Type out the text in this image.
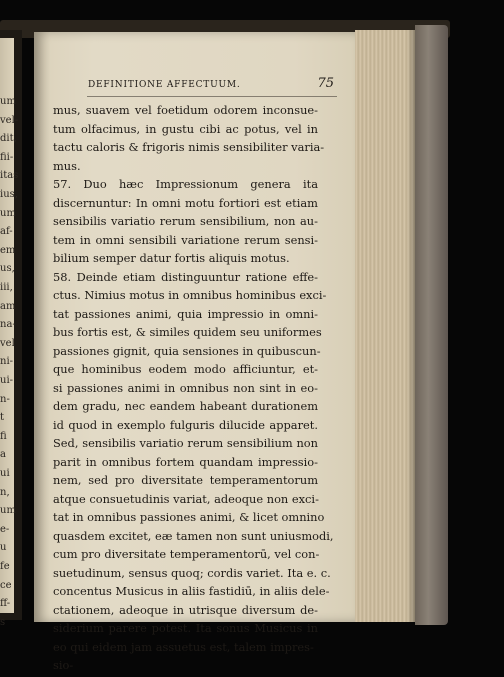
um
vel-
dit,
fii-
itas
ius,
um
af-
em
us,
iii,
am
na-
vel
ni-
ui-
n-
t
fi
a
ui
n,
um
e-
u
fe
ce
ff-
s
DEFINITIONE AFFECTUUM.	75
mus, suavem vel foetidum odorem inconsue-
tum olfacimus, in gustu cibi ac potus, vel in
tactu caloris & frigoris nimis sensibiliter varia-
mus.
57. Duo hæc Impressionum genera ita
discernuntur: In omni motu fortiori est etiam
sensibilis variatio rerum sensibilium, non au-
tem in omni sensibili variatione rerum sensi-
bilium semper datur fortis aliquis motus.
58. Deinde etiam distinguuntur ratione effe-
ctus. Nimius motus in omnibus hominibus exci-
tat passiones animi, quia impressio in omni-
bus fortis est, & similes quidem seu uniformes
passiones gignit, quia sensiones in quibuscun-
que hominibus eodem modo afficiuntur, et-
si passiones animi in omnibus non sint in eo-
dem gradu, nec eandem habeant durationem
id quod in exemplo fulguris dilucide apparet.
Sed, sensibilis variatio rerum sensibilium non
parit in omnibus fortem quandam impressio-
nem, sed pro diversitate temperamentorum
atque consuetudinis variat, adeoque non exci-
tat in omnibus passiones animi, & licet omnino
quasdem excitet, eæ tamen non sunt uniusmodi,
cum pro diversitate temperamentorū, vel con-
suetudinum, sensus quoq; cordis variet. Ita e. c.
concentus Musicus in aliis fastidiū, in aliis dele-
ctationem, adeoque in utrisque diversum de-
siderium parere potest. Ita sonus Musicus in
eo qui eidem jam assuetus est, talem impres-
sio-
